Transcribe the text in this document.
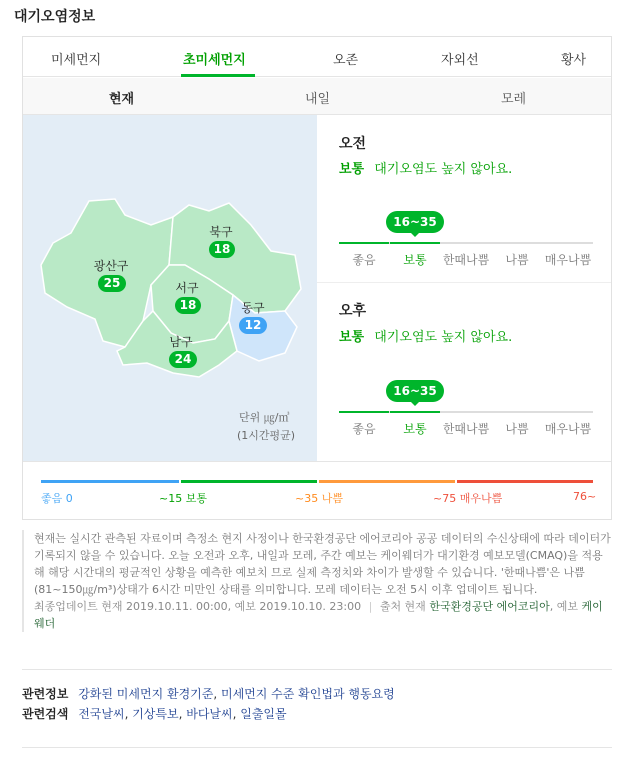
대기오염정보
미세먼지	초미세먼지	오존	자외선	황사
현재	내일	모레
광산구
25
북구
18
서구
18	동구
12
남구
24
단위 ㎍/㎥
(1시간평균)
오전
보통 대기오염도 높지 않아요.
16~35
좋음	보통	한때나쁨	나쁨	매우나쁨
오후
보통 대기오염도 높지 않아요.
16~35
좋음	보통	한때나쁨	나쁨	매우나쁨
좋음 0	~15 보통	~35 나쁨	~75 매우나쁨	76~
현재는 실시간 관측된 자료이며 측정소 현지 사정이나 한국환경공단 에어코리아 공공 데이터의 수신상태에 따라 데이터가 기록되지 않을 수 있습니다. 오늘 오전과 오후, 내일과 모레, 주간 예보는 케이웨더가 대기환경 예보모델(CMAQ)을 적용해 해당 시간대의 평균적인 상황을 예측한 예보치 므로 실제 측정치와 차이가 발생할 수 있습니다. '한때나쁨'은 나쁨(81~150㎍/m³)상태가 6시간 미만인 상태를 의미합니다. 모레 데이터는 오전 5시 이후 업데이트 됩니다.
최종업데이트 현재 2019.10.11. 00:00, 예보 2019.10.10. 23:00 | 출처 현재 한국환경공단 에어코리아, 예보 케이웨더
관련정보 강화된 미세먼지 환경기준, 미세먼지 수준 확인법과 행동요령
관련검색 전국날씨, 기상특보, 바다날씨, 일출일몰
